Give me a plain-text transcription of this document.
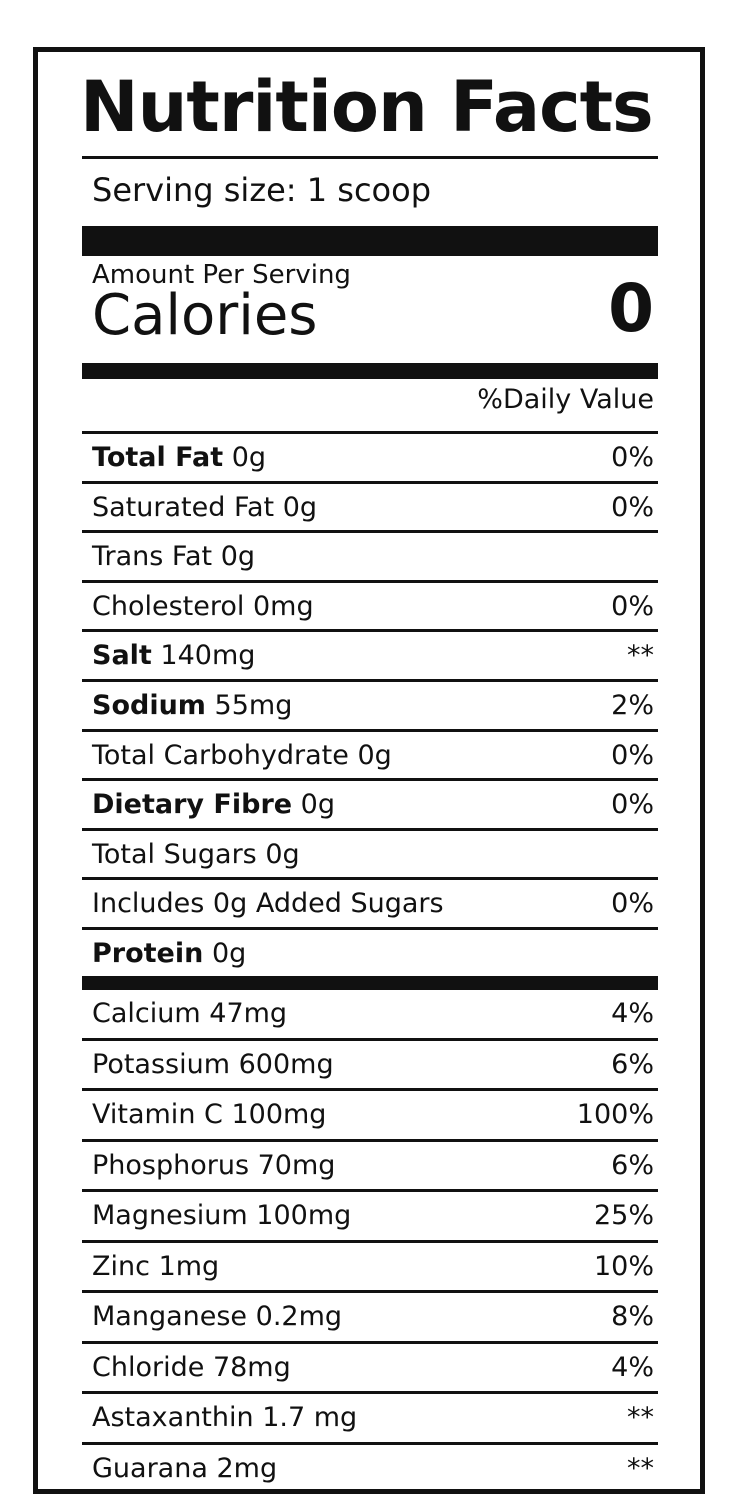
Nutrition Facts
Serving size: 1 scoop
Amount Per Serving
Calories	0
%Daily Value
Total Fat 0g	0%
Saturated Fat 0g	0%
Trans Fat 0g
Cholesterol 0mg	0%
Salt 140mg	**
Sodium 55mg	2%
Total Carbohydrate 0g	0%
Dietary Fibre 0g	0%
Total Sugars 0g
Includes 0g Added Sugars	0%
Protein 0g
Calcium 47mg	4%
Potassium 600mg	6%
Vitamin C 100mg	100%
Phosphorus 70mg	6%
Magnesium 100mg	25%
Zinc 1mg	10%
Manganese 0.2mg	8%
Chloride 78mg	4%
Astaxanthin 1.7 mg	**
Guarana 2mg	**
